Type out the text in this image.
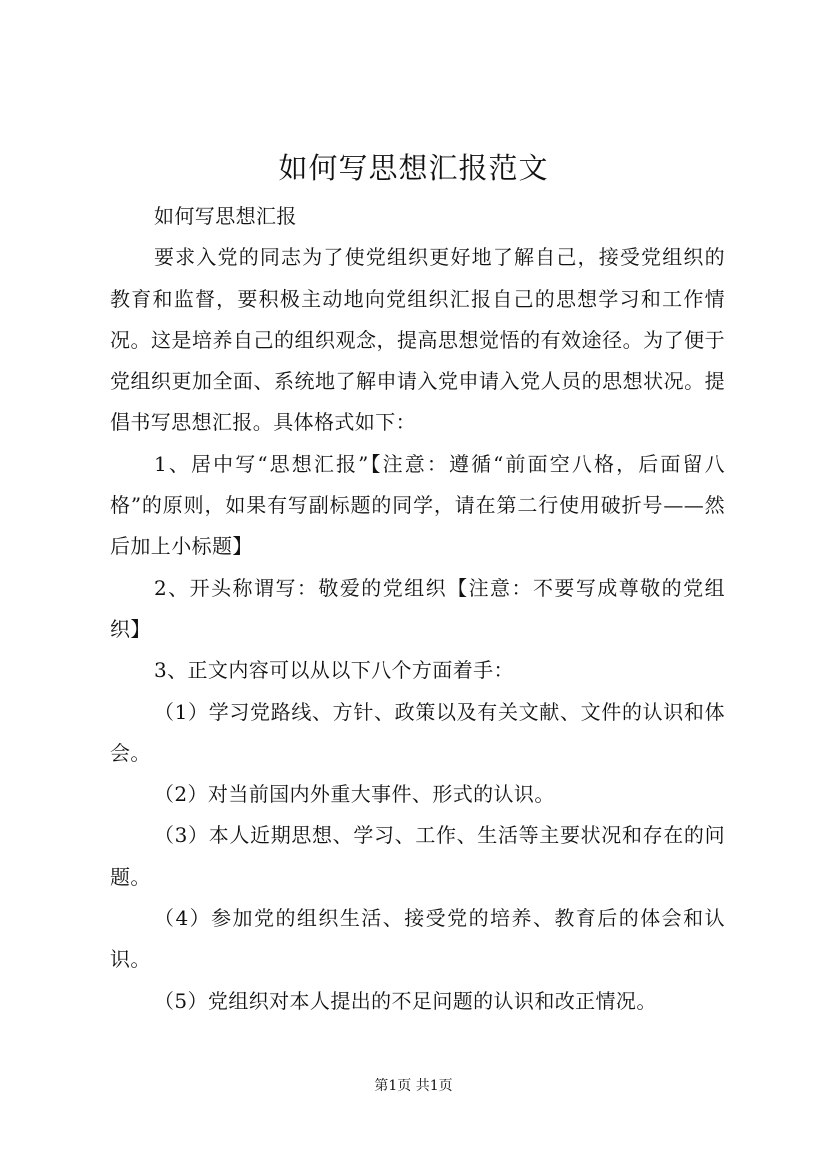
如何写思想汇报范文

如何写思想汇报

要求入党的同志为了使党组织更好地了解自己，接受党组织的教育和监督，要积极主动地向党组织汇报自己的思想学习和工作情况。这是培养自己的组织观念，提高思想觉悟的有效途径。为了便于党组织更加全面、系统地了解申请入党申请入党人员的思想状况。提倡书写思想汇报。具体格式如下：

1、居中写“思想汇报”【注意：遵循“前面空八格，后面留八格”的原则，如果有写副标题的同学，请在第二行使用破折号——然后加上小标题】

2、开头称谓写：敬爱的党组织【注意：不要写成尊敬的党组织】

3、正文内容可以从以下八个方面着手：

（1）学习党路线、方针、政策以及有关文献、文件的认识和体会。

（2）对当前国内外重大事件、形式的认识。

（3）本人近期思想、学习、工作、生活等主要状况和存在的问题。

（4）参加党的组织生活、接受党的培养、教育后的体会和认识。

（5）党组织对本人提出的不足问题的认识和改正情况。

第1页 共1页
